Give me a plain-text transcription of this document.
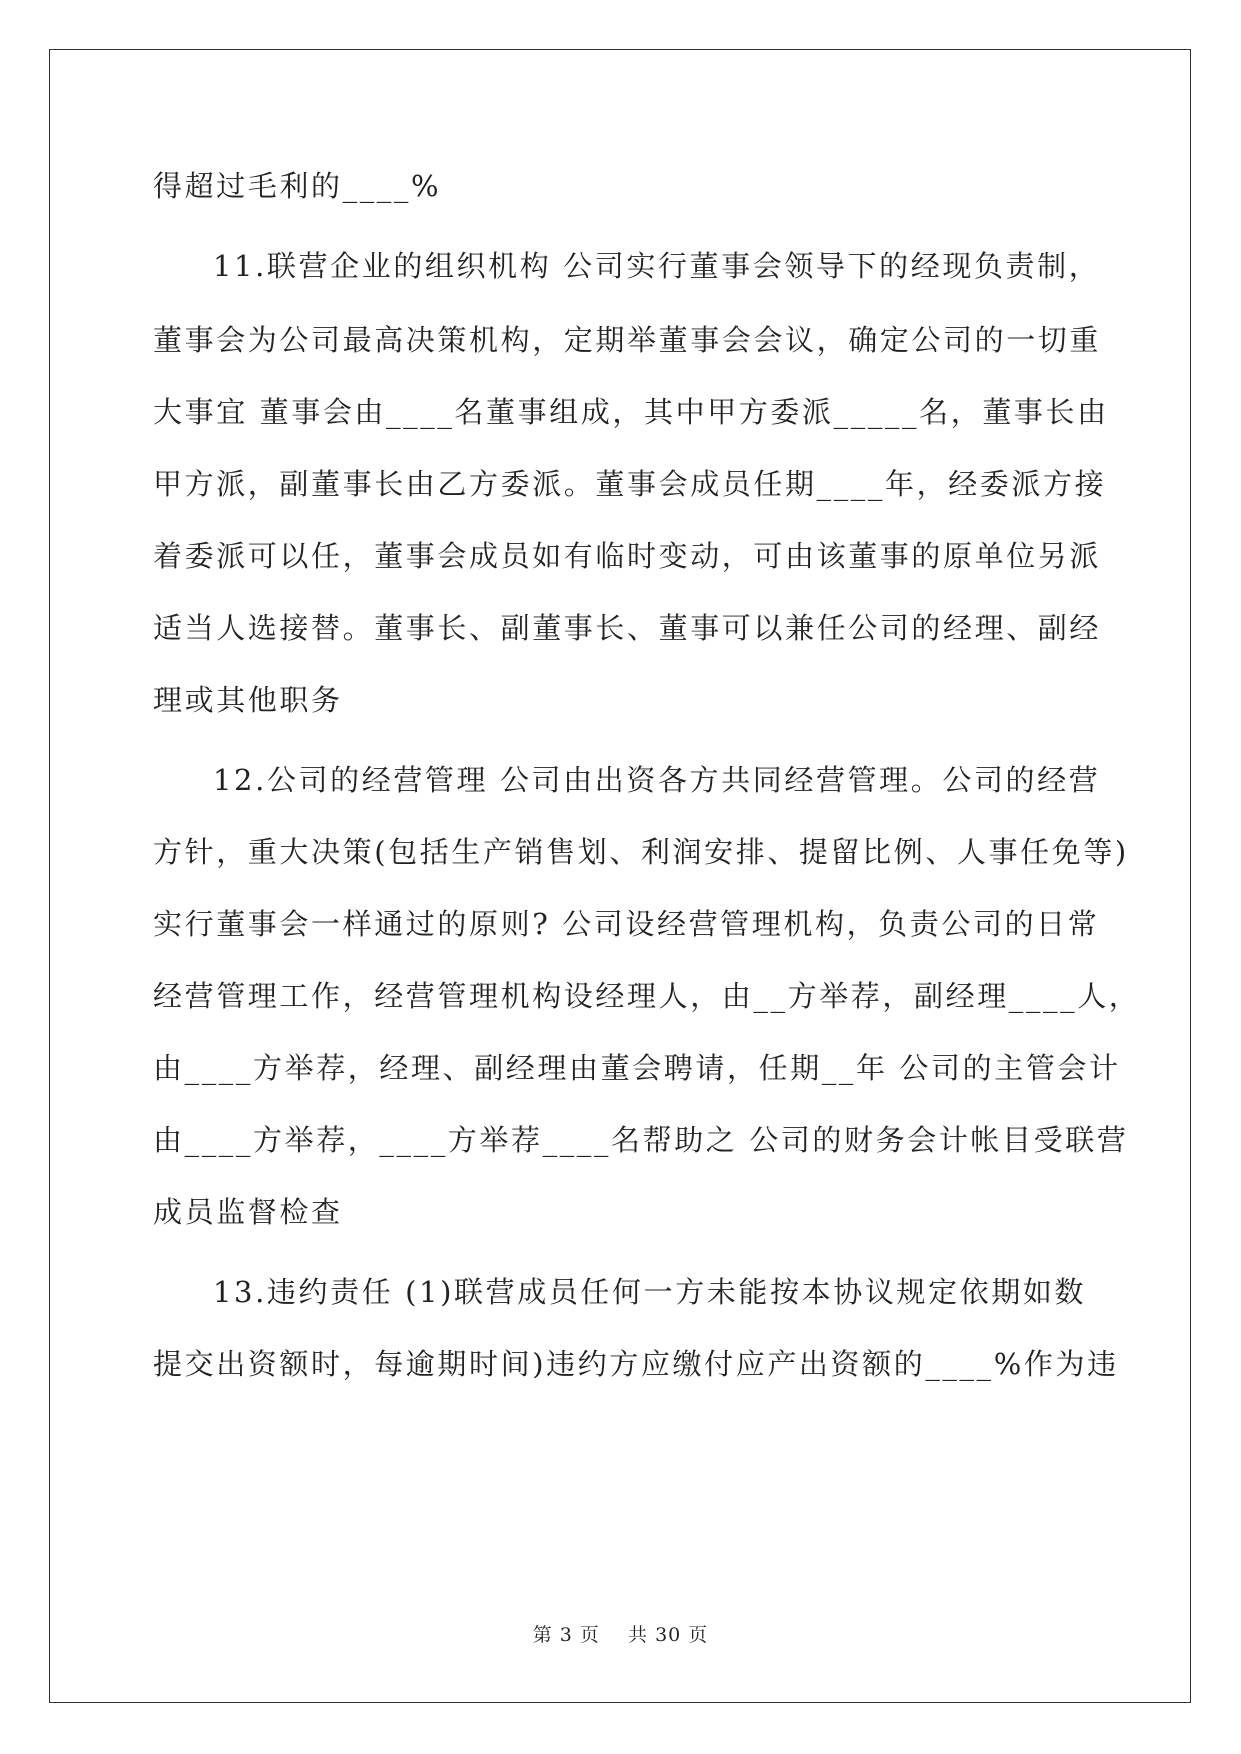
得超过毛利的____%
11.联营企业的组织机构 公司实行董事会领导下的经现负责制，
董事会为公司最高决策机构，定期举董事会会议，确定公司的一切重
大事宜 董事会由____名董事组成，其中甲方委派_____名，董事长由
甲方派，副董事长由乙方委派。董事会成员任期____年，经委派方接
着委派可以任，董事会成员如有临时变动，可由该董事的原单位另派
适当人选接替。董事长、副董事长、董事可以兼任公司的经理、副经
理或其他职务
12.公司的经营管理 公司由出资各方共同经营管理。公司的经营
方针，重大决策(包括生产销售划、利润安排、提留比例、人事任免等)
实行董事会一样通过的原则? 公司设经营管理机构，负责公司的日常
经营管理工作，经营管理机构设经理人，由__方举荐，副经理____人，
由____方举荐，经理、副经理由董会聘请，任期__年 公司的主管会计
由____方举荐，____方举荐____名帮助之 公司的财务会计帐目受联营
成员监督检查
13.违约责任 (1)联营成员任何一方未能按本协议规定依期如数
提交出资额时，每逾期时间)违约方应缴付应产出资额的____%作为违
第 3 页 共 30 页
